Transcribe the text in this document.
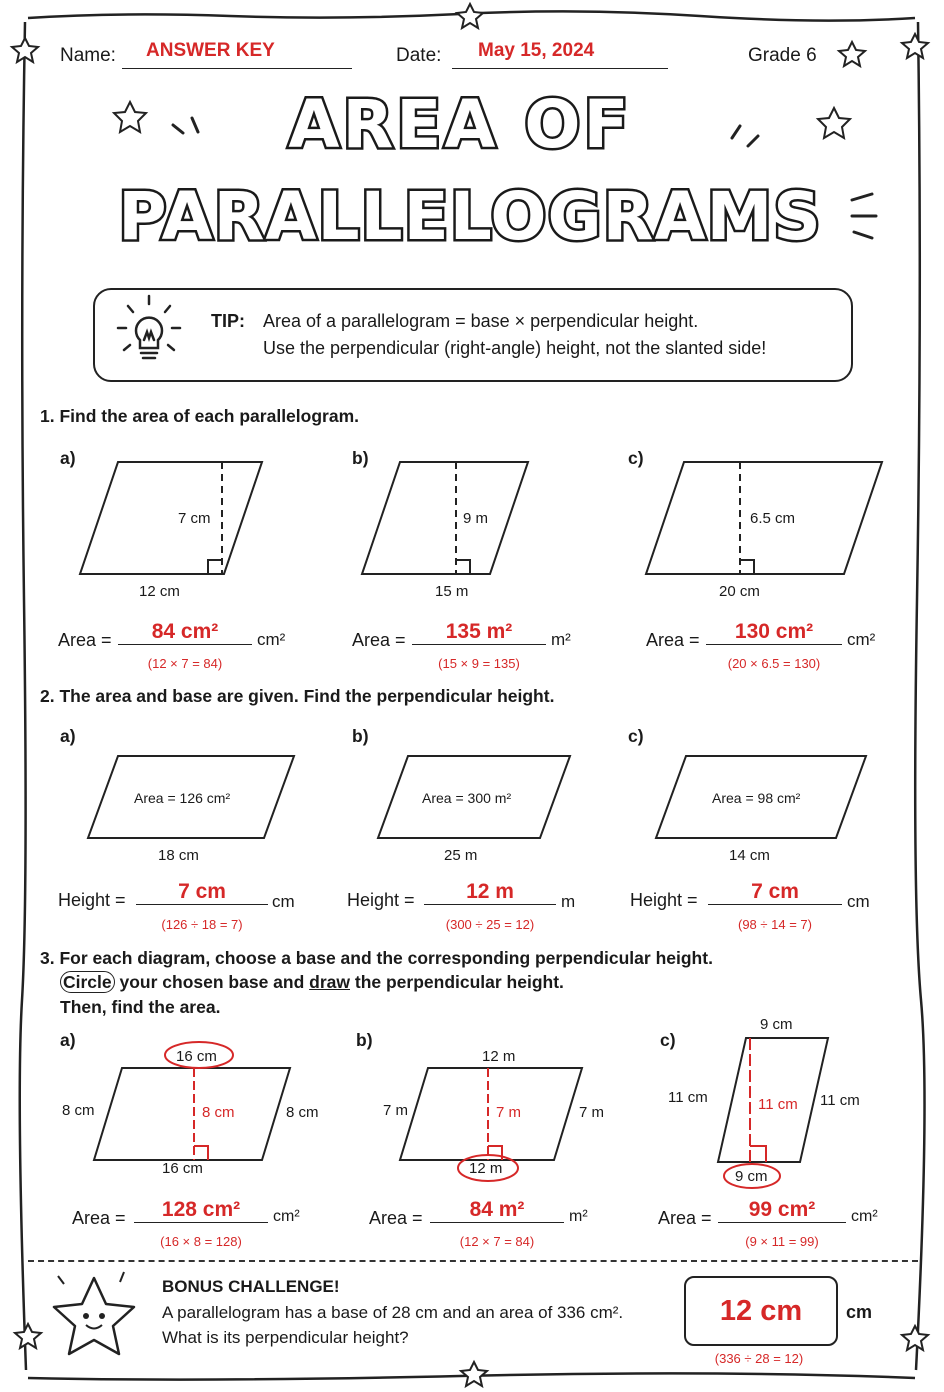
Name: ANSWER KEY	Date: May 15, 2024	Grade 6
AREA OF
PARALLELOGRAMS
TIP: Area of a parallelogram = base × perpendicular height.
Use the perpendicular (right-angle) height, not the slanted side!
1. Find the area of each parallelogram.
7 cm
12 cm
9 m
15 m
6.5 cm
20 cm
a)	b)	c)
Area =	84 cm²	cm²
(12 × 7 = 84)
Area =	135 m²	m²
(15 × 9 = 135)
Area =	130 cm²	cm²
(20 × 6.5 = 130)
2. The area and base are given. Find the perpendicular height.
a)	b)	c)
Area = 126 cm²
18 cm
Area = 300 m²
25 m
Area = 98 cm²
14 cm
Height =	7 cm	cm
(126 ÷ 18 = 7)
Height =	12 m	m
(300 ÷ 25 = 12)
Height =	7 cm	cm
(98 ÷ 14 = 7)
3. For each diagram, choose a base and the corresponding perpendicular height.
Circle your chosen base and draw the perpendicular height.
Then, find the area.
a)	b)	c)
16 cm
8 cm	8 cm	8 cm
16 cm
12 m
7 m	7 m	7 m
12 m
9 cm
11 cm	11 cm 11 cm
9 cm
Area =	128 cm²	cm²
(16 × 8 = 128)
Area =	84 m²	m²
(12 × 7 = 84)
Area =	99 cm²	cm²
(9 × 11 = 99)
BONUS CHALLENGE!
A parallelogram has a base of 28 cm and an area of 336 cm².
What is its perpendicular height?
12 cm	cm
(336 ÷ 28 = 12)
